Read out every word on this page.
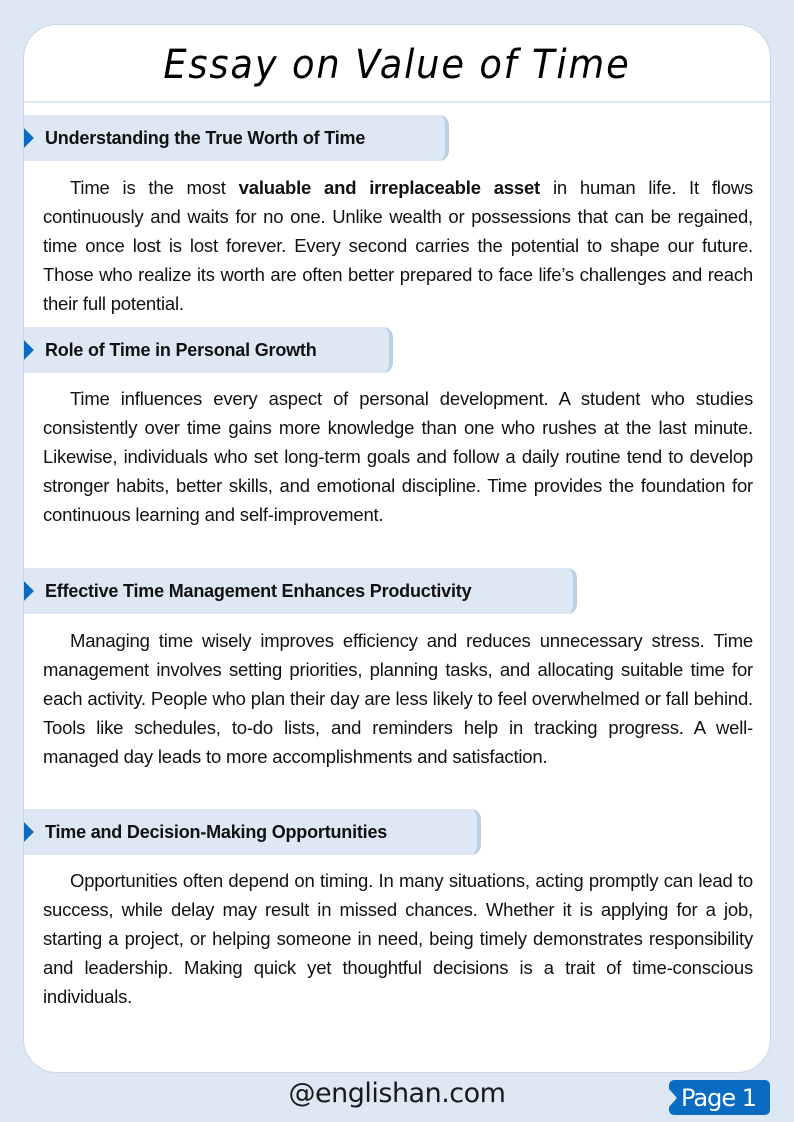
Essay on Value of Time
Understanding the True Worth of Time
Time is the most valuable and irreplaceable asset in human life. It flows continuously and waits for no one. Unlike wealth or possessions that can be regained, time once lost is lost forever. Every second carries the potential to shape our future. Those who realize its worth are often better prepared to face life’s challenges and reach their full potential.
Role of Time in Personal Growth
Time influences every aspect of personal development. A student who studies consistently over time gains more knowledge than one who rushes at the last minute. Likewise, individuals who set long-term goals and follow a daily routine tend to develop stronger habits, better skills, and emotional discipline. Time provides the foundation for continuous learning and self-improvement.
Effective Time Management Enhances Productivity
Managing time wisely improves efficiency and reduces unnecessary stress. Time management involves setting priorities, planning tasks, and allocating suitable time for each activity. People who plan their day are less likely to feel overwhelmed or fall behind. Tools like schedules, to-do lists, and reminders help in tracking progress. A well-managed day leads to more accomplishments and satisfaction.
Time and Decision-Making Opportunities
Opportunities often depend on timing. In many situations, acting promptly can lead to success, while delay may result in missed chances. Whether it is applying for a job, starting a project, or helping someone in need, being timely demonstrates responsibility and leadership. Making quick yet thoughtful decisions is a trait of time-conscious individuals.
@englishan.com	Page 1
